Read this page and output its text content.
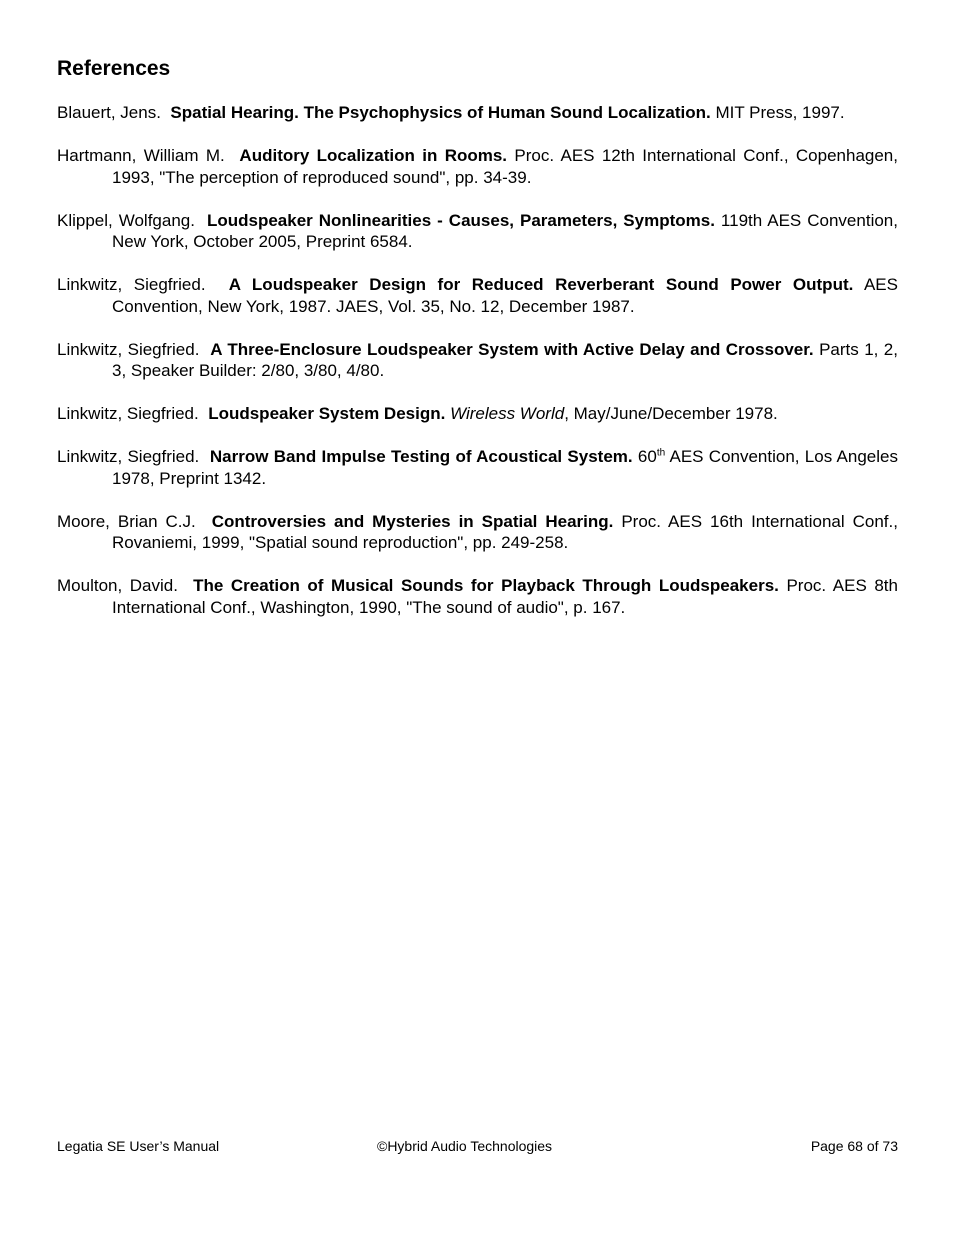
References
Blauert, Jens. Spatial Hearing. The Psychophysics of Human Sound Localization. MIT Press, 1997.
Hartmann, William M. Auditory Localization in Rooms. Proc. AES 12th International Conf., Copenhagen, 1993, "The perception of reproduced sound", pp. 34-39.
Klippel, Wolfgang. Loudspeaker Nonlinearities - Causes, Parameters, Symptoms. 119th AES Convention, New York, October 2005, Preprint 6584.
Linkwitz, Siegfried. A Loudspeaker Design for Reduced Reverberant Sound Power Output. AES Convention, New York, 1987. JAES, Vol. 35, No. 12, December 1987.
Linkwitz, Siegfried. A Three-Enclosure Loudspeaker System with Active Delay and Crossover. Parts 1, 2, 3, Speaker Builder: 2/80, 3/80, 4/80.
Linkwitz, Siegfried. Loudspeaker System Design. Wireless World, May/June/December 1978.
Linkwitz, Siegfried. Narrow Band Impulse Testing of Acoustical System. 60th AES Convention, Los Angeles 1978, Preprint 1342.
Moore, Brian C.J. Controversies and Mysteries in Spatial Hearing. Proc. AES 16th International Conf., Rovaniemi, 1999, "Spatial sound reproduction", pp. 249-258.
Moulton, David. The Creation of Musical Sounds for Playback Through Loudspeakers. Proc. AES 8th International Conf., Washington, 1990, "The sound of audio", p. 167.
Legatia SE User’s Manual	©Hybrid Audio Technologies	Page 68 of 73
